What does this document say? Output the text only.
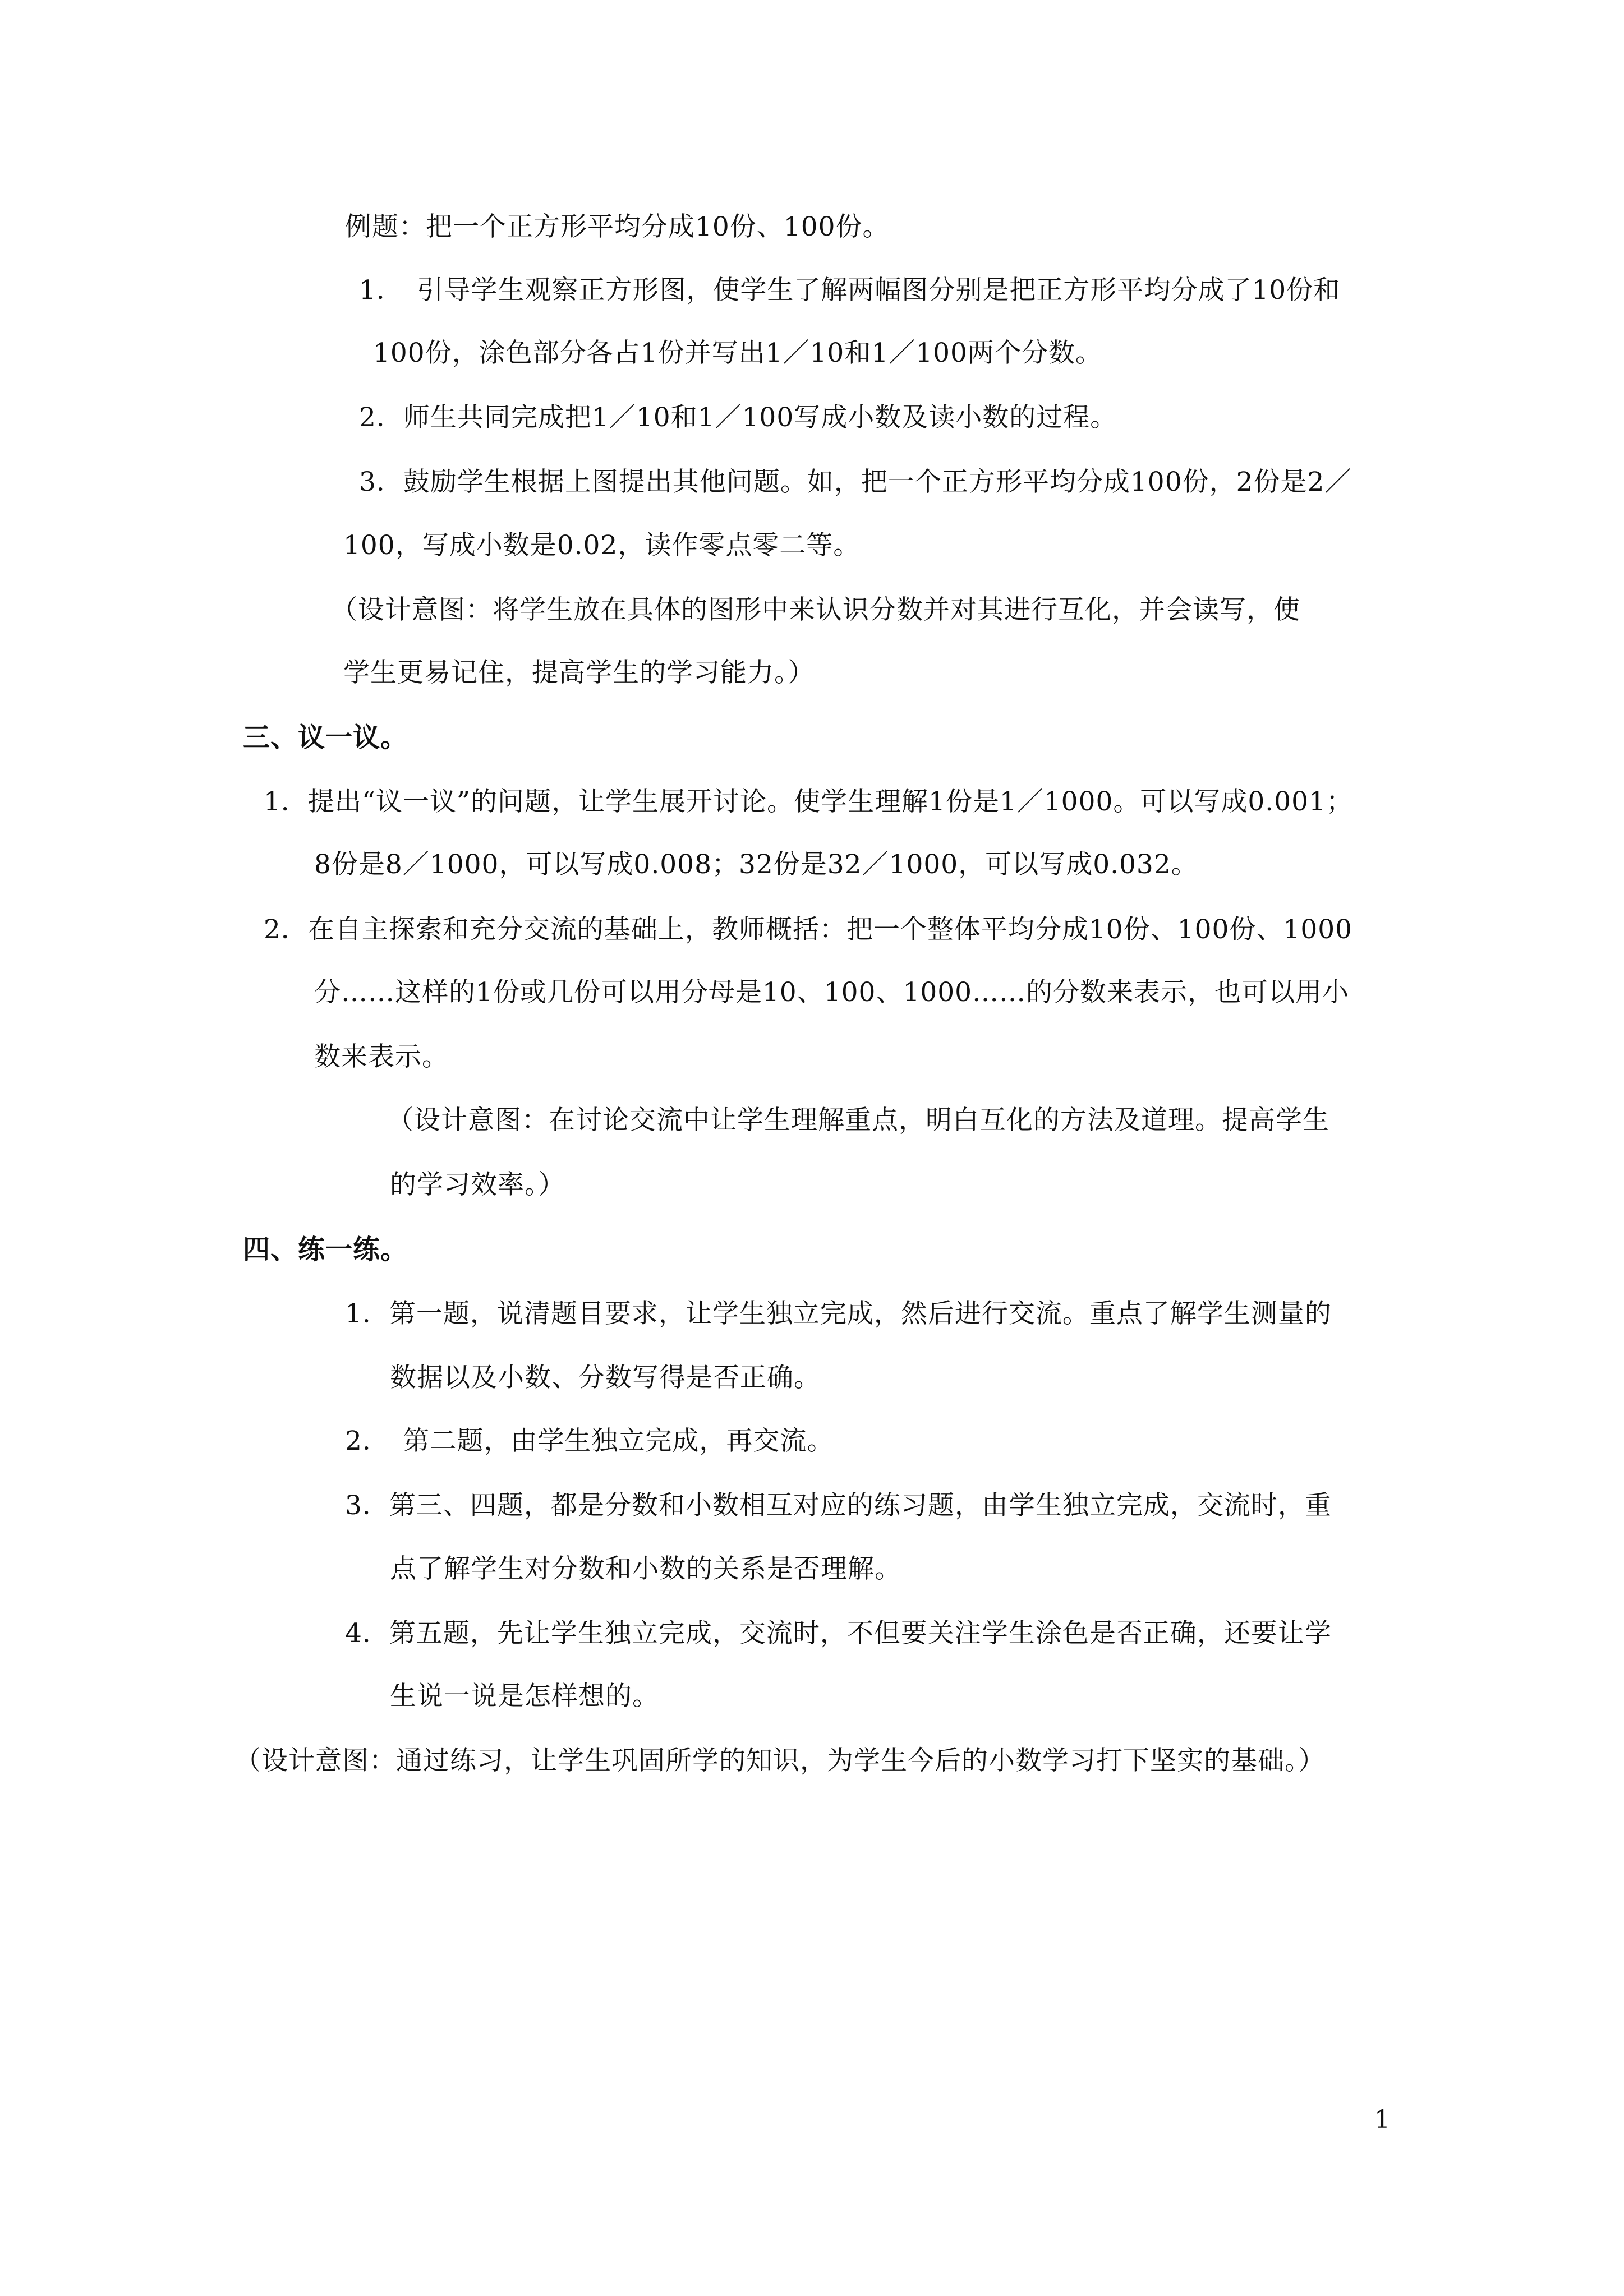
例题：把一个正方形平均分成10份、100份。
1．　引导学生观察正方形图，使学生了解两幅图分别是把正方形平均分成了10份和
100份，涂色部分各占1份并写出1／10和1／100两个分数。
2．师生共同完成把1／10和1／100写成小数及读小数的过程。
3．鼓励学生根据上图提出其他问题。如，把一个正方形平均分成100份，2份是2／
100，写成小数是0.02，读作零点零二等。
（设计意图：将学生放在具体的图形中来认识分数并对其进行互化，并会读写，使
学生更易记住，提高学生的学习能力。）
三、议一议。
1．提出“议一议”的问题，让学生展开讨论。使学生理解1份是1／1000。可以写成0.001；
8份是8／1000，可以写成0.008；32份是32／1000，可以写成0.032。
2．在自主探索和充分交流的基础上，教师概括：把一个整体平均分成10份、100份、1000
分……这样的1份或几份可以用分母是10、100、1000……的分数来表示，也可以用小
数来表示。
（设计意图：在讨论交流中让学生理解重点，明白互化的方法及道理。提高学生
的学习效率。）
四、练一练。
1．第一题，说清题目要求，让学生独立完成，然后进行交流。重点了解学生测量的
数据以及小数、分数写得是否正确。
2．　第二题，由学生独立完成，再交流。
3．第三、四题，都是分数和小数相互对应的练习题，由学生独立完成，交流时，重
点了解学生对分数和小数的关系是否理解。
4．第五题，先让学生独立完成，交流时，不但要关注学生涂色是否正确，还要让学
生说一说是怎样想的。
（设计意图：通过练习，让学生巩固所学的知识，为学生今后的小数学习打下坚实的基础。）
1
